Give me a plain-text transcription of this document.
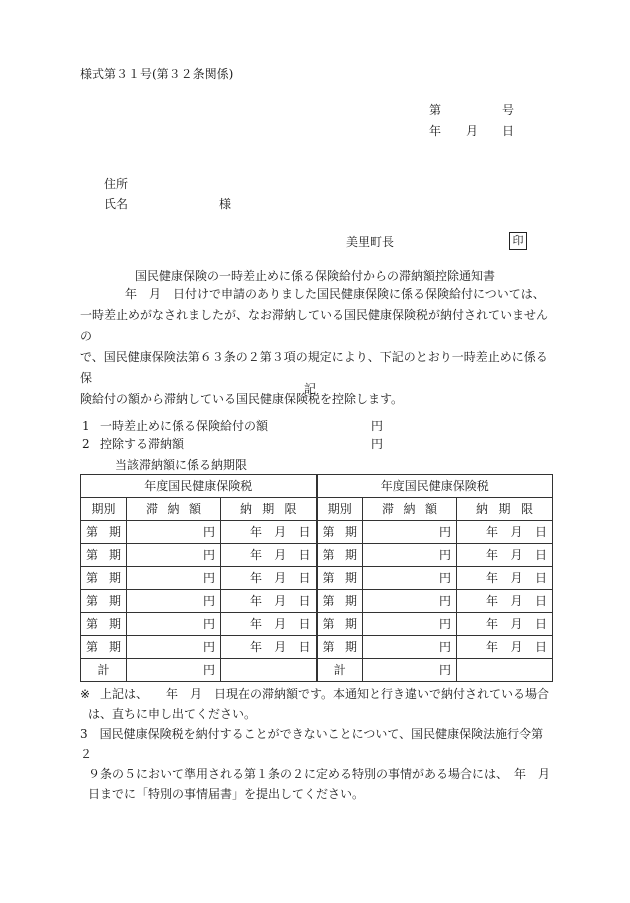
様式第３１号(第３２条関係)
第	号
年 月 日
住所
氏名	様
美里町長	印
国民健康保険の一時差止めに係る保険給付からの滞納額控除通知書
年　月　日付けで申請のありました国民健康保険に係る保険給付については、
一時差止めがなされましたが、なお滞納している国民健康保険税が納付されていませんの
で、国民健康保険法第６３条の２第３項の規定により、下記のとおり一時差止めに係る保
険給付の額から滞納している国民健康保険税を控除します。
記
1 一時差止めに係る保険給付の額	円
2 控除する滞納額	円
当該滞納額に係る納期限
年度国民健康保険税			年度国民健康保険税		
期別	滞 納 額	納 期 限	期別	滞 納 額	納 期 限

第 期	円	年 月 日	第 期	円	年 月 日

第 期	円	年 月 日	第 期	円	年 月 日

第 期	円	年 月 日	第 期	円	年 月 日

第 期	円	年 月 日	第 期	円	年 月 日

第 期	円	年 月 日	第 期	円	年 月 日

第 期	円	年 月 日	第 期	円	年 月 日

計	円		計	円	
※ 上記は、　　年　月　日現在の滞納額です。本通知と行き違いで納付されている場合
は、直ちに申し出てください。
3　国民健康保険税を納付することができないことについて、国民健康保険法施行令第２
９条の５において準用される第１条の２に定める特別の事情がある場合には、　年　月
日までに「特別の事情届書」を提出してください。
